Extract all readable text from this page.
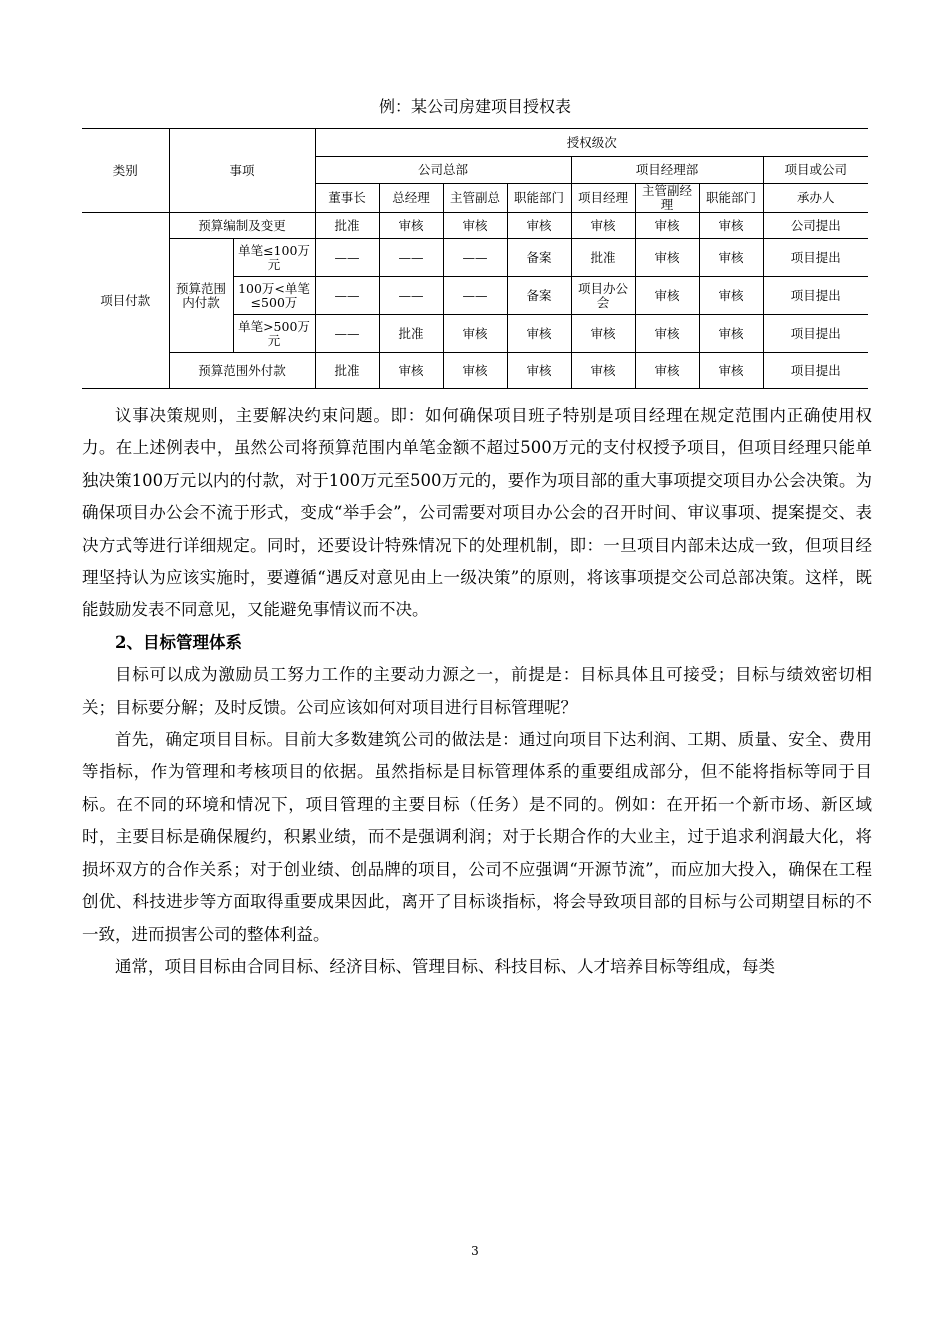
例：某公司房建项目授权表
类别	事项		授权级次							
			公司总部				项目经理部			项目或公司
			董事长	总经理	主管副总	职能部门	项目经理	主管副经理	职能部门	承办人
项目付款	预算编制及变更		批准	审核	审核	审核	审核	审核	审核	公司提出
	预算范围内付款	单笔≤100万元	——	——	——	备案	批准	审核	审核	项目提出
		100万<单笔≤500万	——	——	——	备案	项目办公会	审核	审核	项目提出
		单笔>500万元	——	批准	审核	审核	审核	审核	审核	项目提出
	预算范围外付款		批准	审核	审核	审核	审核	审核	审核	项目提出

议事决策规则，主要解决约束问题。即：如何确保项目班子特别是项目经理在规定范围内正确使用权力。在上述例表中，虽然公司将预算范围内单笔金额不超过500万元的支付权授予项目，但项目经理只能单独决策100万元以内的付款，对于100万元至500万元的，要作为项目部的重大事项提交项目办公会决策。为确保项目办公会不流于形式，变成“举手会”，公司需要对项目办公会的召开时间、审议事项、提案提交、表决方式等进行详细规定。同时，还要设计特殊情况下的处理机制，即：一旦项目内部未达成一致，但项目经理坚持认为应该实施时，要遵循“遇反对意见由上一级决策”的原则，将该事项提交公司总部决策。这样，既能鼓励发表不同意见，又能避免事情议而不决。

2、目标管理体系

目标可以成为激励员工努力工作的主要动力源之一，前提是：目标具体且可接受；目标与绩效密切相关；目标要分解；及时反馈。公司应该如何对项目进行目标管理呢？

首先，确定项目目标。目前大多数建筑公司的做法是：通过向项目下达利润、工期、质量、安全、费用等指标，作为管理和考核项目的依据。虽然指标是目标管理体系的重要组成部分，但不能将指标等同于目标。在不同的环境和情况下，项目管理的主要目标（任务）是不同的。例如：在开拓一个新市场、新区域时，主要目标是确保履约，积累业绩，而不是强调利润；对于长期合作的大业主，过于追求利润最大化，将损坏双方的合作关系；对于创业绩、创品牌的项目，公司不应强调“开源节流”，而应加大投入，确保在工程创优、科技进步等方面取得重要成果因此，离开了目标谈指标，将会导致项目部的目标与公司期望目标的不一致，进而损害公司的整体利益。

通常，项目目标由合同目标、经济目标、管理目标、科技目标、人才培养目标等组成，每类

3
